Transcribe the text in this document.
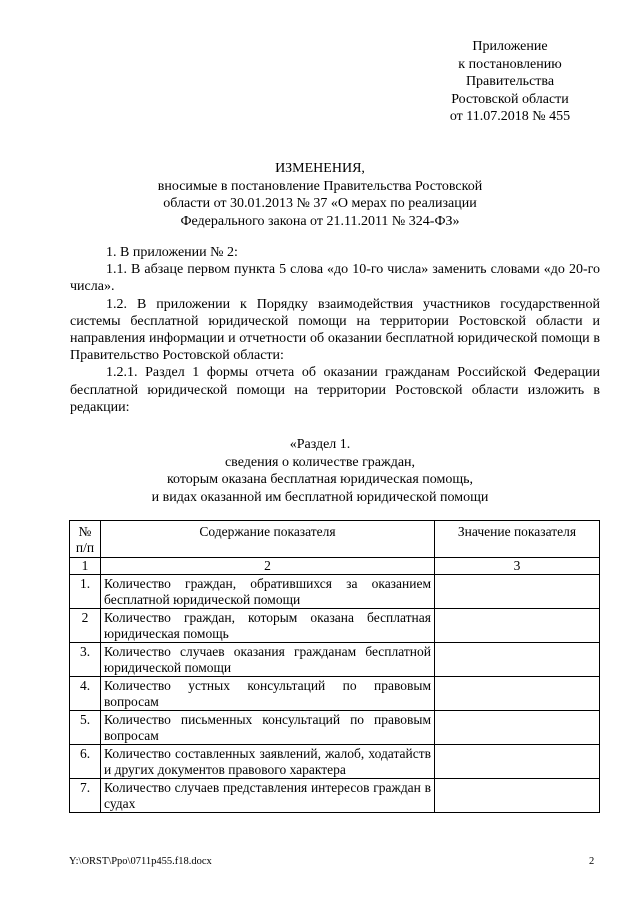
Приложение
к постановлению
Правительства
Ростовской области
от 11.07.2018 № 455
ИЗМЕНЕНИЯ,
вносимые в постановление Правительства Ростовской
области от 30.01.2013 № 37 «О мерах по реализации
Федерального закона от 21.11.2011 № 324-ФЗ»

1. В приложении № 2:

1.1. В абзаце первом пункта 5 слова «до 10-го числа» заменить словами «до 20-го числа».

1.2. В приложении к Порядку взаимодействия участников государственной системы бесплатной юридической помощи на территории Ростовской области и направления информации и отчетности об оказании бесплатной юридической помощи в Правительство Ростовской области:

1.2.1. Раздел 1 формы отчета об оказании гражданам Российской Федерации бесплатной юридической помощи на территории Ростовской области изложить в редакции:

«Раздел 1.
сведения о количестве граждан,
которым оказана бесплатная юридическая помощь,
и видах оказанной им бесплатной юридической помощи
№
п/п	Содержание показателя	Значение показателя
1	2	3
1.	Количество граждан, обратившихся за оказанием бесплатной юридической помощи	
2	Количество граждан, которым оказана бесплатная юридическая помощь	
3.	Количество случаев оказания гражданам бесплатной юридической помощи	
4.	Количество устных консультаций по правовым вопросам	
5.	Количество письменных консультаций по правовым вопросам	
6.	Количество составленных заявлений, жалоб, ходатайств и других документов правового характера	
7.	Количество случаев представления интересов граждан в судах	
Y:\ORST\Ppo\0711p455.f18.docx	2
